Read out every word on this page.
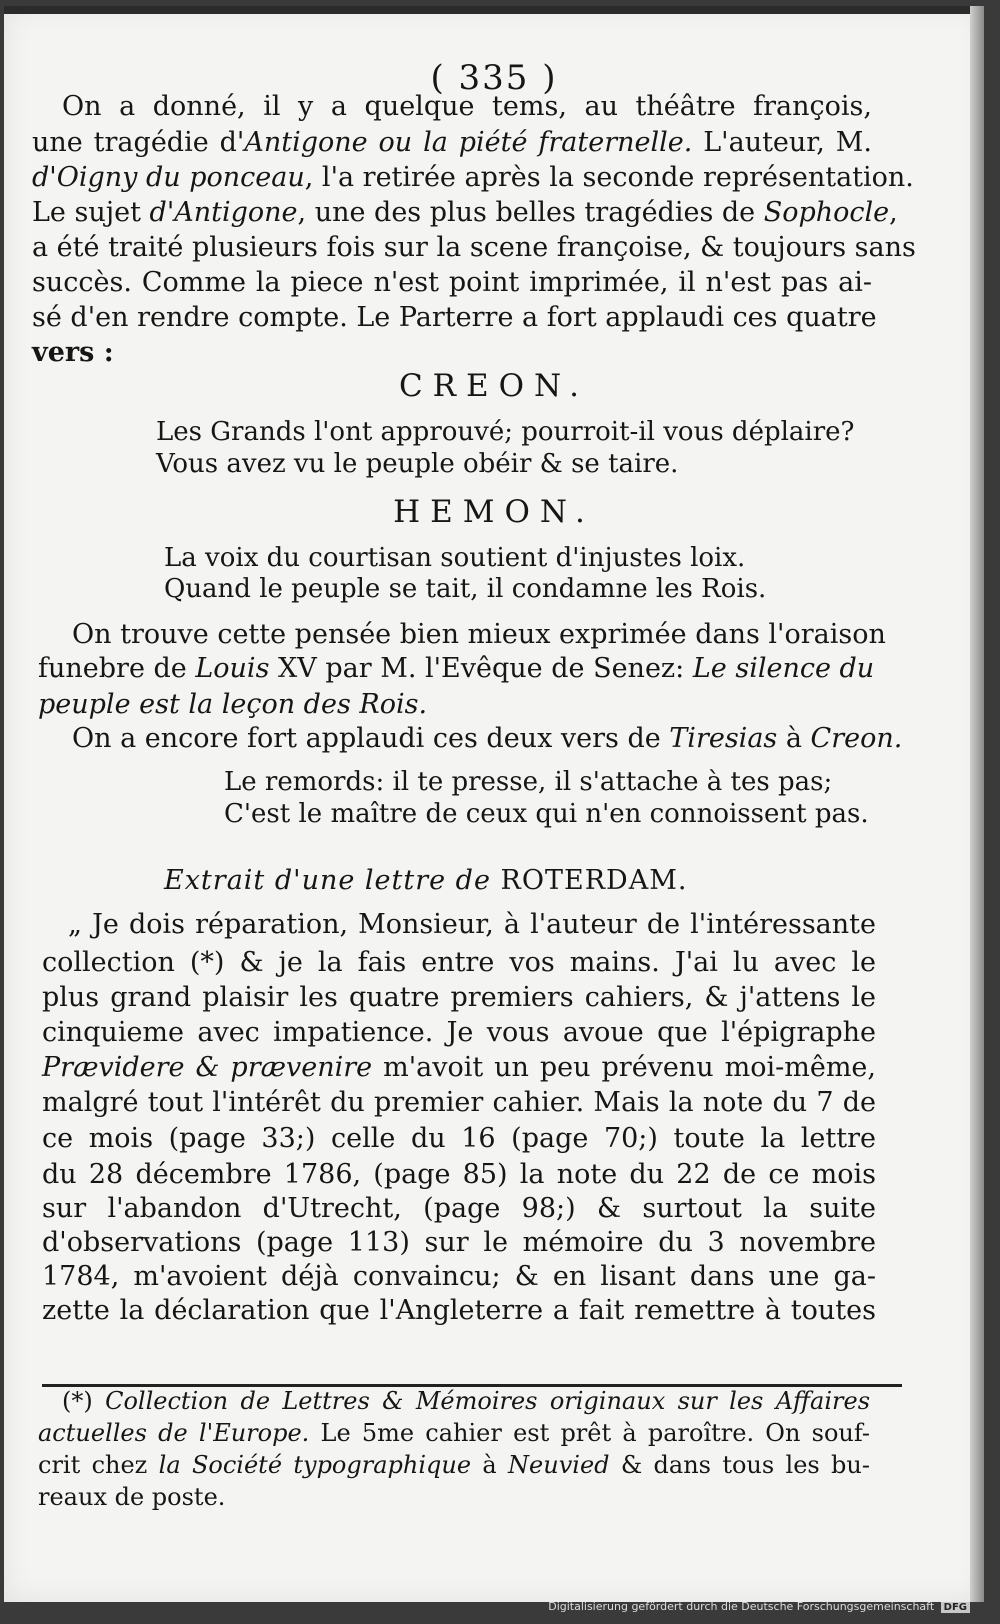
( 335 )
On a donné, il y a quelque tems, au théâtre françois,
une tragédie d'Antigone ou la piété fraternelle. L'auteur, M.
d'Oigny du ponceau, l'a retirée après la seconde représentation.
Le sujet d'Antigone, une des plus belles tragédies de Sophocle,
a été traité plusieurs fois sur la scene françoise, & toujours sans
succès. Comme la piece n'est point imprimée, il n'est pas ai-
sé d'en rendre compte. Le Parterre a fort applaudi ces quatre
vers :
CREON.
Les Grands l'ont approuvé; pourroit-il vous déplaire?
Vous avez vu le peuple obéir & se taire.
HEMON.
La voix du courtisan soutient d'injustes loix.
Quand le peuple se tait, il condamne les Rois.
On trouve cette pensée bien mieux exprimée dans l'oraison
funebre de Louis XV par M. l'Evêque de Senez: Le silence du
peuple est la leçon des Rois.
On a encore fort applaudi ces deux vers de Tiresias à Creon.
Le remords: il te presse, il s'attache à tes pas;
C'est le maître de ceux qui n'en connoissent pas.
Extrait d'une lettre de ROTERDAM.
„ Je dois réparation, Monsieur, à l'auteur de l'intéressante
collection (*) & je la fais entre vos mains. J'ai lu avec le
plus grand plaisir les quatre premiers cahiers, & j'attens le
cinquieme avec impatience. Je vous avoue que l'épigraphe
Prævidere & prævenire m'avoit un peu prévenu moi-même,
malgré tout l'intérêt du premier cahier. Mais la note du 7 de
ce mois (page 33;) celle du 16 (page 70;) toute la lettre
du 28 décembre 1786, (page 85) la note du 22 de ce mois
sur l'abandon d'Utrecht, (page 98;) & surtout la suite
d'observations (page 113) sur le mémoire du 3 novembre
1784, m'avoient déjà convaincu; & en lisant dans une ga-
zette la déclaration que l'Angleterre a fait remettre à toutes
(*) Collection de Lettres & Mémoires originaux sur les Affaires
actuelles de l'Europe. Le 5me cahier est prêt à paroître. On souf-
crit chez la Société typographique à Neuvied & dans tous les bu-
reaux de poste.
Digitalisierung gefördert durch die Deutsche Forschungsgemeinschaft DFG
